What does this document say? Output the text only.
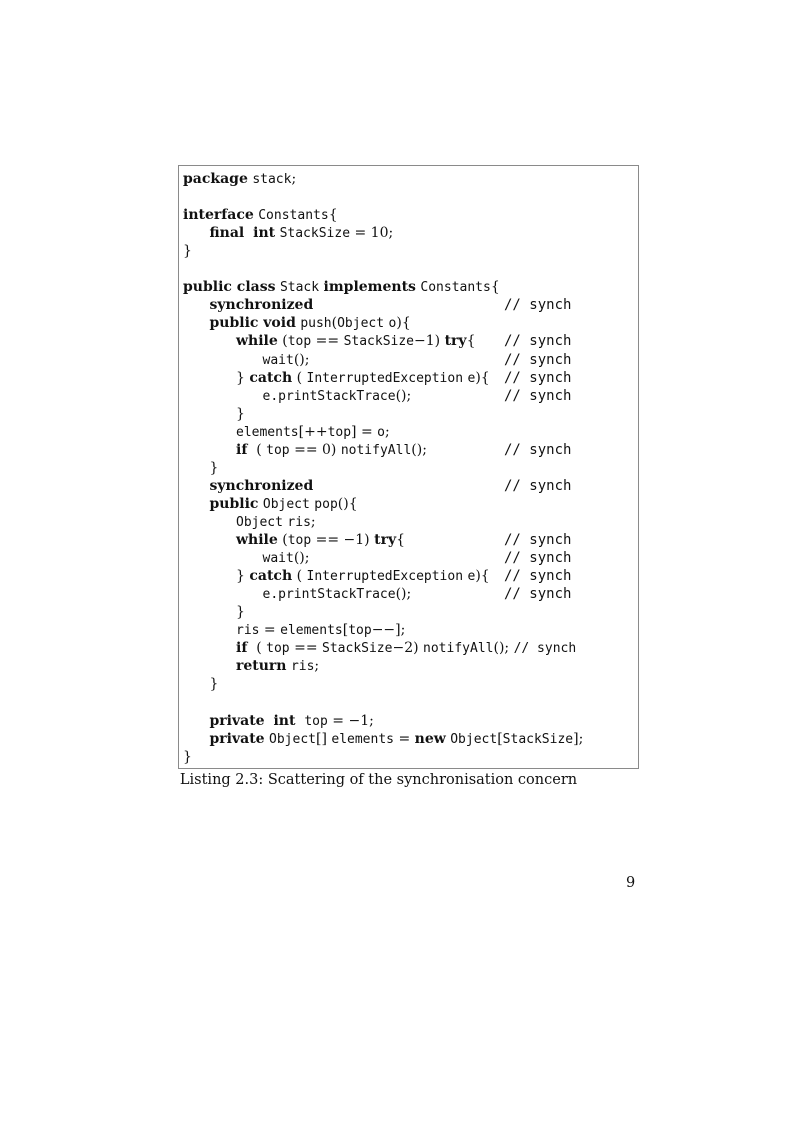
package stack;
interface Constants{
final int StackSize = 10;
}
public class Stack implements Constants{
synchronized	// synch
public void push(Object o){
while (top == StackSize−1) try{ // synch
wait();	// synch
} catch ( InterruptedException e){ // synch
e.printStackTrace();	// synch
}
elements[++top] = o;
if  ( top == 0) notifyAll();	// synch
}
synchronized	// synch
public Object pop(){
Object ris;
while (top == −1) try{	// synch
wait();	// synch
} catch ( InterruptedException e){ // synch
e.printStackTrace();	// synch
}
ris = elements[top−−];
if  ( top == StackSize−2) notifyAll(); // synch
return ris;
}
private int top = −1;
private Object[] elements = new Object[StackSize];
}
Listing 2.3: Scattering of the synchronisation concern
9
